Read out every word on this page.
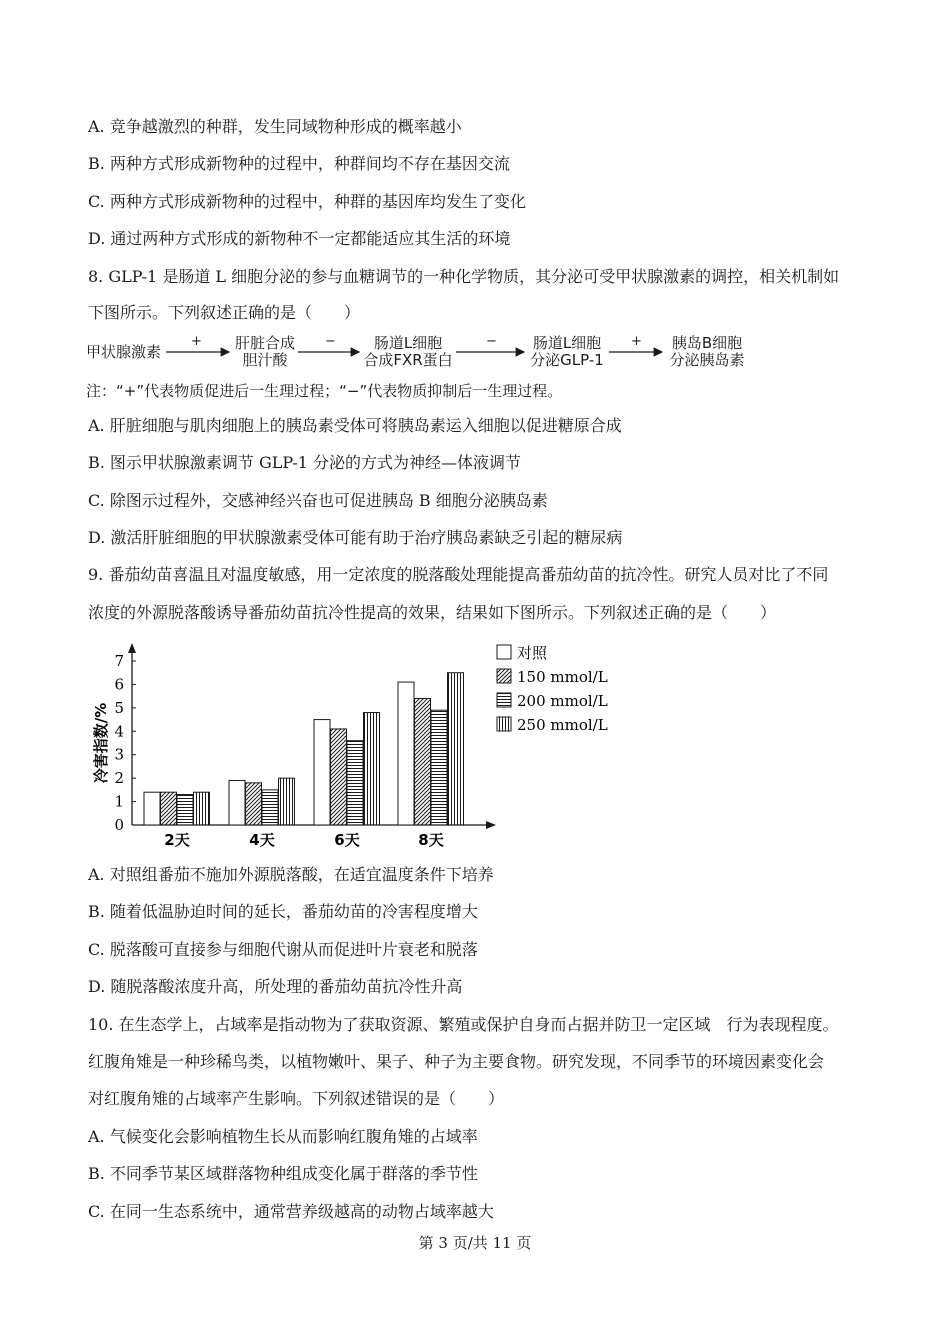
A. 竞争越激烈的种群，发生同域物种形成的概率越小
B. 两种方式形成新物种的过程中，种群间均不存在基因交流
C. 两种方式形成新物种的过程中，种群的基因库均发生了变化
D. 通过两种方式形成的新物种不一定都能适应其生活的环境
8. GLP-1 是肠道 L 细胞分泌的参与血糖调节的一种化学物质，其分泌可受甲状腺激素的调控，相关机制如
下图所示。下列叙述正确的是（　　）
甲状腺激素	肝脏合成
胆汁酸
肠道L细胞
合成FXR蛋白
肠道L细胞
分泌GLP-1
胰岛B细胞
分泌胰岛素
+	−	−	+
注：“+”代表物质促进后一生理过程；“−”代表物质抑制后一生理过程。
A. 肝脏细胞与肌肉细胞上的胰岛素受体可将胰岛素运入细胞以促进糖原合成
B. 图示甲状腺激素调节 GLP-1 分泌的方式为神经—体液调节
C. 除图示过程外，交感神经兴奋也可促进胰岛 B 细胞分泌胰岛素
D. 激活肝脏细胞的甲状腺激素受体可能有助于治疗胰岛素缺乏引起的糖尿病
9. 番茄幼苗喜温且对温度敏感，用一定浓度的脱落酸处理能提高番茄幼苗的抗冷性。研究人员对比了不同
浓度的外源脱落酸诱导番茄幼苗抗冷性提高的效果，结果如下图所示。下列叙述正确的是（　　）
冷害指数/%
0
1
2
3
4
5
6
7
2天	4天	6天	8天
对照
150 mmol/L
200 mmol/L
250 mmol/L
A. 对照组番茄不施加外源脱落酸，在适宜温度条件下培养
B. 随着低温胁迫时间的延长，番茄幼苗的冷害程度增大
C. 脱落酸可直接参与细胞代谢从而促进叶片衰老和脱落
D. 随脱落酸浓度升高，所处理的番茄幼苗抗冷性升高
10. 在生态学上，占域率是指动物为了获取资源、繁殖或保护自身而占据并防卫一定区域　行为表现程度。
红腹角雉是一种珍稀鸟类，以植物嫩叶、果子、种子为主要食物。研究发现，不同季节的环境因素变化会
对红腹角雉的占域率产生影响。下列叙述错误的是（　　）
A. 气候变化会影响植物生长从而影响红腹角雉的占域率
B. 不同季节某区域群落物种组成变化属于群落的季节性
C. 在同一生态系统中，通常营养级越高的动物占域率越大
第 3 页/共 11 页
